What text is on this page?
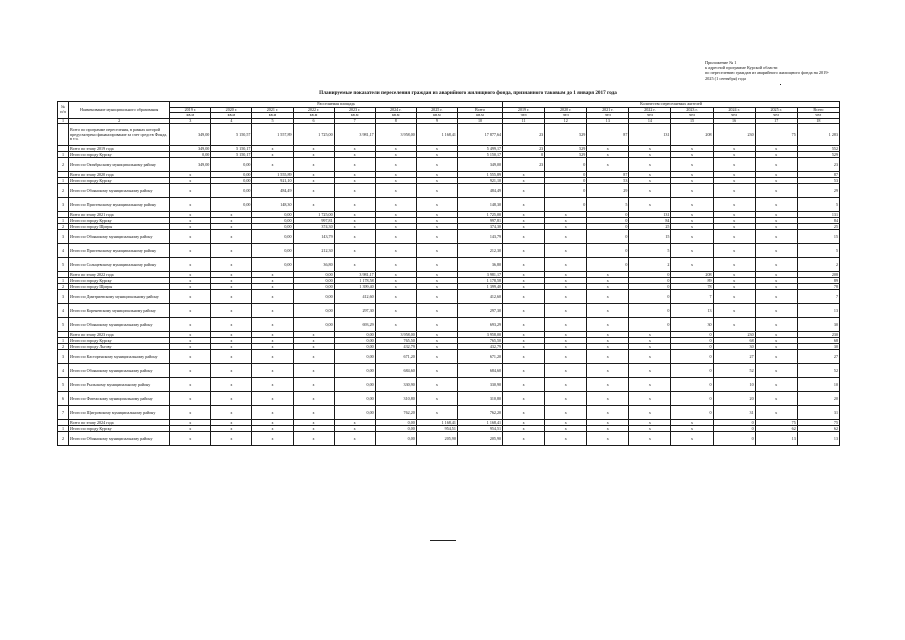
Приложение № 1
к адресной программе Курской области
по переселению граждан из аварийного жилищного фонда на 2019-
2025 (1 сентября) года
Планируемые показатели переселения граждан из аварийного жилищного фонда, признанного таковым до 1 января 2017 года
№ п/п	Наименование муниципального образования	Расселяемая площадь								Количество переселяемых жителей							
		2019 г.	2020 г.	2021 г.	2022 г.	2023 г.	2024 г.	2025 г.	Всего	2019 г.	2020 г.	2021 г.	2022 г.	2023 г.	2024 г.	2025 г.	Всего
		кв.м	кв.м	кв.м	кв.м	кв.м	кв.м	кв.м	кв.м	чел	чел	чел	чел	чел	чел	чел	чел
1	2	3	4	5	6	7	8	9	10	11	12	13	14	15	16	17	18
	Всего по программе переселения, в рамках которой предусмотрено финансирование за счет средств Фонда, в т.ч.	349,00	5 150,57	1 557,89	1 725,00	3 981,17	3 958,00	1 168,41	17 877,64	23	529	87	131	208	230	75	1 283
	Всего по этапу 2019 года	349,00	5 150,17	x	x	x	x	x	5 499,17	23	529	x	x	x	x	x	552
1	Итого по городу Курску	0,00	5 150,17	x	x	x	x	x	5 150,17	0	529	x	x	x	x	x	529
2	Итого по Октябрьскому муниципальному району	349,00	0,00	x	x	x	x	x	349,00	23	0	x	x	x	x	x	23
	Всего по этапу 2020 года	x	0,00	1 555,89	x	x	x	x	1 555,89	x	0	87	x	x	x	x	87
1	Итого по городу Курску	x	0,00	921,10	x	x	x	x	921,10	x	0	53	x	x	x	x	53
2	Итого по Обоянскому муниципальному району	x	0,00	484,49	x	x	x	x	484,49	x	0	29	x	x	x	x	29
3	Итого по Пристенскому муниципальному району	x	0,00	148,30	x	x	x	x	148,30	x	0	5	x	x	x	x	5
	Всего по этапу 2021 года	x	x	0,00	1 725,00	x	x	x	1 725,00	x	x	0	131	x	x	x	131
1	Итого по городу Курску	x	x	0,00	997,81	x	x	x	997,81	x	x	0	84	x	x	x	84
2	Итого по городу Щигры	x	x	0,00	374,30	x	x	x	374,30	x	x	0	25	x	x	x	25
3	Итого по Обоянскому муниципальному району	x	x	0,00	143,79	x	x	x	143,79	x	x	0	15	x	x	x	15
4	Итого по Пристенскому муниципальному району	x	x	0,00	212,30	x	x	x	212,30	x	x	0	5	x	x	x	5
5	Итого по Солнцевскому муниципальному району	x	x	0,00	36,80	x	x	x	36,80	x	x	0	2	x	x	x	2
	Всего по этапу 2022 года	x	x	x	0,00	3 981,17	x	x	3 981,17	x	x	x	0	208	x	x	208
1	Итого по городу Курску	x	x	x	0,00	1 178,58	x	x	1 178,58	x	x	x	0	89	x	x	89
2	Итого по городу Щигры	x	x	x	0,00	1 399,40	x	x	1 399,40	x	x	x	0	78	x	x	78
3	Итого по Дмитриевскому муниципальному району	x	x	x	0,00	412,60	x	x	412,60	x	x	x	0	7	x	x	7
4	Итого по Кореневскому муниципальному району	x	x	x	0,00	297,30	x	x	297,30	x	x	x	0	13	x	x	13
5	Итого по Обоянскому муниципальному району	x	x	x	0,00	693,29	x	x	693,29	x	x	x	0	30	x	x	30
	Всего по этапу 2023 года	x	x	x	x	0,00	3 958,00	x	3 958,00	x	x	x	x	0	230	x	230
1	Итого по городу Курску	x	x	x	x	0,00	765,50	x	765,50	x	x	x	x	0	68	x	68
2	Итого по городу Льгову	x	x	x	x	0,00	432,79	x	432,79	x	x	x	x	0	30	x	30
3	Итого по Касторенскому муниципальному району	x	x	x	x	0,00	671,20	x	671,20	x	x	x	x	0	27	x	27
4	Итого по Обоянскому муниципальному району	x	x	x	x	0,00	684,60	x	684,60	x	x	x	x	0	52	x	52
5	Итого по Рыльскому муниципальному району	x	x	x	x	0,00	330,90	x	330,90	x	x	x	x	0	10	x	10
6	Итого по Фатежскому муниципальному району	x	x	x	x	0,00	310,80	x	310,80	x	x	x	x	0	20	x	20
7	Итого по Щигровскому муниципальному району	x	x	x	x	0,00	762,20	x	762,20	x	x	x	x	0	31	x	31
	Всего по этапу 2024 года	x	x	x	x	x	0,00	1 168,41	1 168,41	x	x	x	x	x	0	75	75
1	Итого по городу Курску	x	x	x	x	x	0,00	954,51	954,51	x	x	x	x	x	0	62	62
2	Итого по Обоянскому муниципальному району	x	x	x	x	x	0,00	205,90	205,90	x	x	x	x	x	0	13	13
